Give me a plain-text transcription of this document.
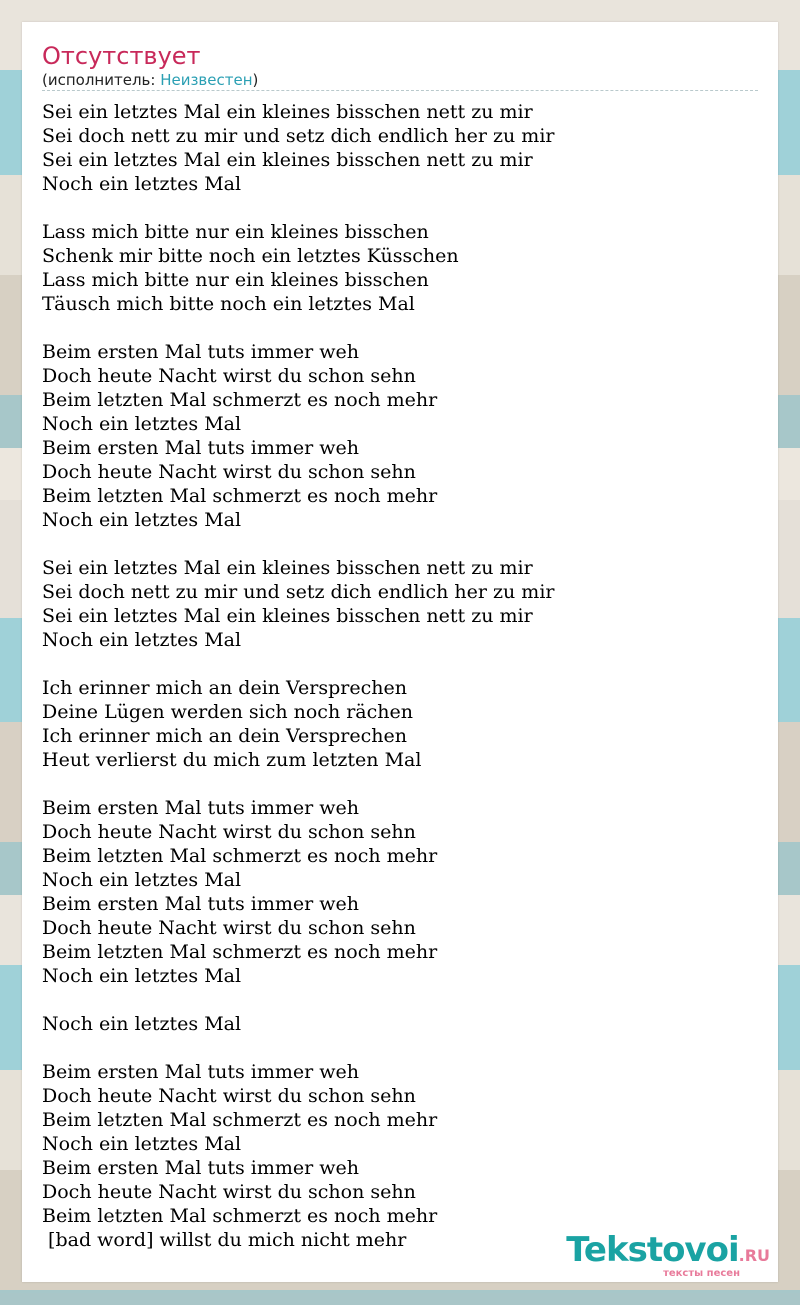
Отсутствует
(исполнитель: Неизвестен)
Sei ein letztes Mal ein kleines bisschen nett zu mir
Sei doch nett zu mir und setz dich endlich her zu mir
Sei ein letztes Mal ein kleines bisschen nett zu mir
Noch ein letztes Mal
Lass mich bitte nur ein kleines bisschen
Schenk mir bitte noch ein letztes Küsschen
Lass mich bitte nur ein kleines bisschen
Täusch mich bitte noch ein letztes Mal
Beim ersten Mal tuts immer weh
Doch heute Nacht wirst du schon sehn
Beim letzten Mal schmerzt es noch mehr
Noch ein letztes Mal
Beim ersten Mal tuts immer weh
Doch heute Nacht wirst du schon sehn
Beim letzten Mal schmerzt es noch mehr
Noch ein letztes Mal
Sei ein letztes Mal ein kleines bisschen nett zu mir
Sei doch nett zu mir und setz dich endlich her zu mir
Sei ein letztes Mal ein kleines bisschen nett zu mir
Noch ein letztes Mal
Ich erinner mich an dein Versprechen
Deine Lügen werden sich noch rächen
Ich erinner mich an dein Versprechen
Heut verlierst du mich zum letzten Mal
Beim ersten Mal tuts immer weh
Doch heute Nacht wirst du schon sehn
Beim letzten Mal schmerzt es noch mehr
Noch ein letztes Mal
Beim ersten Mal tuts immer weh
Doch heute Nacht wirst du schon sehn
Beim letzten Mal schmerzt es noch mehr
Noch ein letztes Mal
Noch ein letztes Mal
Beim ersten Mal tuts immer weh
Doch heute Nacht wirst du schon sehn
Beim letzten Mal schmerzt es noch mehr
Noch ein letztes Mal
Beim ersten Mal tuts immer weh
Doch heute Nacht wirst du schon sehn
Beim letzten Mal schmerzt es noch mehr
[bad word] willst du mich nicht mehr	Tekstovoi.RU
тексты песен
